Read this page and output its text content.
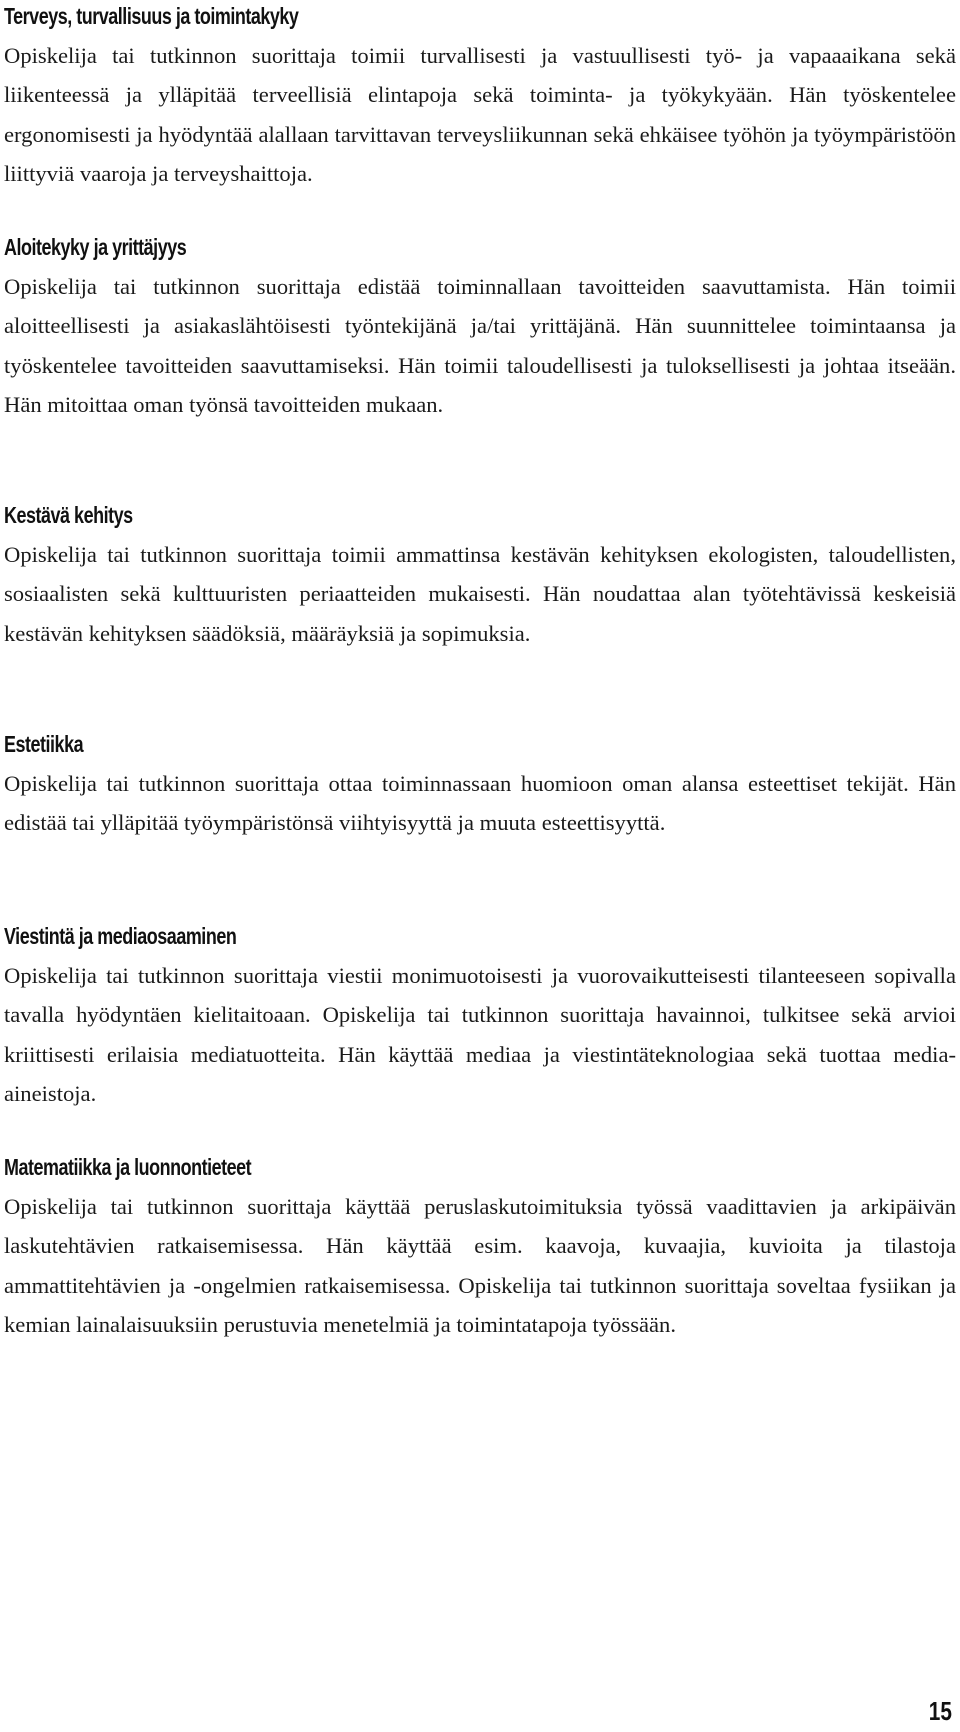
Terveys, turvallisuus ja toimintakyky

Opiskelija tai tutkinnon suorittaja toimii turvallisesti ja vastuullisesti työ- ja vapaaaikana sekä liikenteessä ja ylläpitää terveellisiä elintapoja sekä toiminta- ja työkykyään. Hän työskentelee ergonomisesti ja hyödyntää alallaan tarvittavan terveysliikunnan sekä ehkäisee työhön ja työympäristöön liittyviä vaaroja ja terveyshaittoja.

Aloitekyky ja yrittäjyys

Opiskelija tai tutkinnon suorittaja edistää toiminnallaan tavoitteiden saavuttamista. Hän toimii aloitteellisesti ja asiakaslähtöisesti työntekijänä ja/tai yrittäjänä. Hän suunnittelee toimintaansa ja työskentelee tavoitteiden saavuttamiseksi. Hän toimii taloudellisesti ja tuloksellisesti ja johtaa itseään. Hän mitoittaa oman työnsä tavoitteiden mukaan.

Kestävä kehitys

Opiskelija tai tutkinnon suorittaja toimii ammattinsa kestävän kehityksen ekologisten, taloudellisten, sosiaalisten sekä kulttuuristen periaatteiden mukaisesti. Hän noudattaa alan työtehtävissä keskeisiä kestävän kehityksen säädöksiä, määräyksiä ja sopimuksia.

Estetiikka

Opiskelija tai tutkinnon suorittaja ottaa toiminnassaan huomioon oman alansa esteettiset tekijät. Hän edistää tai ylläpitää työympäristönsä viihtyisyyttä ja muuta esteettisyyttä.

Viestintä ja mediaosaaminen

Opiskelija tai tutkinnon suorittaja viestii monimuotoisesti ja vuorovaikutteisesti tilanteeseen sopivalla tavalla hyödyntäen kielitaitoaan. Opiskelija tai tutkinnon suorittaja havainnoi, tulkitsee sekä arvioi kriittisesti erilaisia mediatuotteita. Hän käyttää mediaa ja viestintäteknologiaa sekä tuottaa media-aineistoja.

Matematiikka ja luonnontieteet

Opiskelija tai tutkinnon suorittaja käyttää peruslaskutoimituksia työssä vaadittavien ja arkipäivän laskutehtävien ratkaisemisessa. Hän käyttää esim. kaavoja, kuvaajia, kuvioita ja tilastoja ammattitehtävien ja -ongelmien ratkaisemisessa. Opiskelija tai tutkinnon suorittaja soveltaa fysiikan ja kemian lainalaisuuksiin perustuvia menetelmiä ja toimintatapoja työssään.

15
